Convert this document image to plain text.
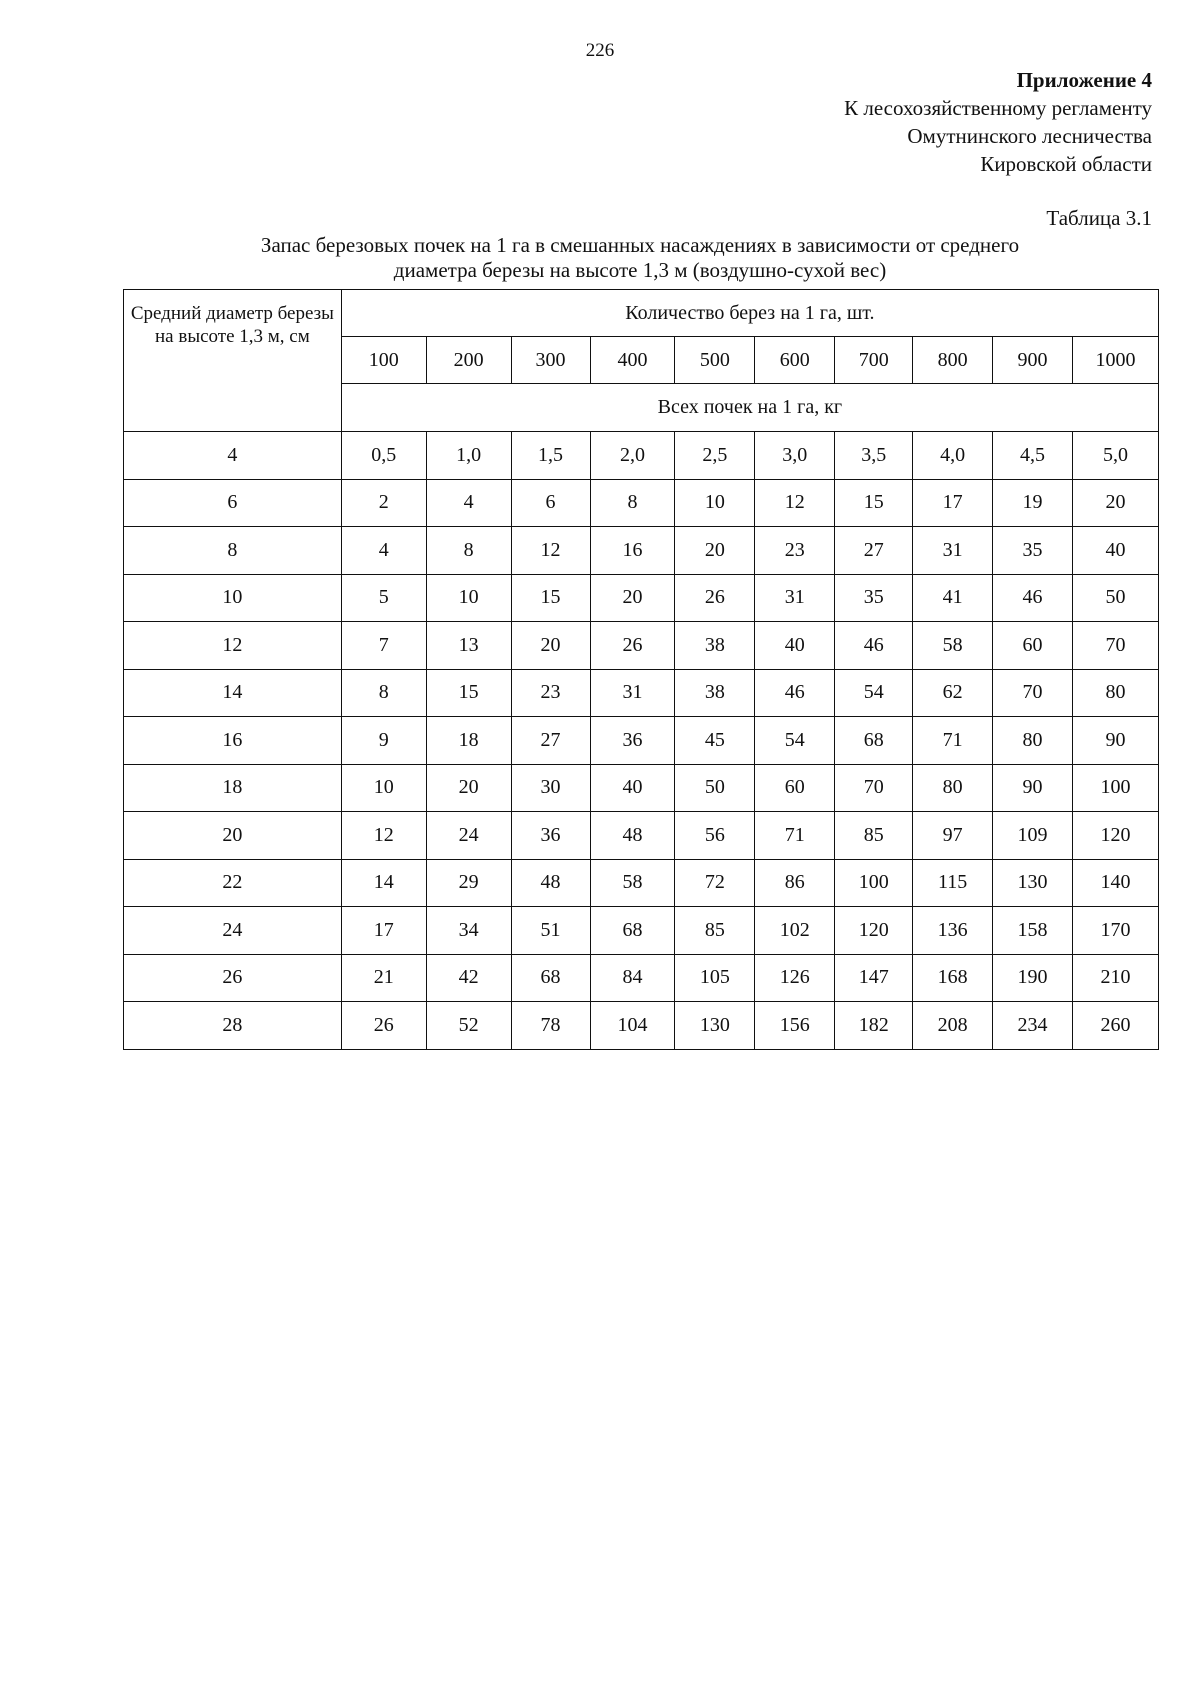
226
Приложение 4
К лесохозяйственному регламенту
Омутнинского лесничества
Кировской области
Таблица 3.1
Запас березовых почек на 1 га в смешанных насаждениях в зависимости от среднего
диаметра березы на высоте 1,3 м (воздушно-сухой вес)
Средний диаметр березы на высоте 1,3 м, см	Количество берез на 1 га, шт.									
	100	200	300	400	500	600	700	800	900	1000
	Всех почек на 1 га, кг									
4	0,5	1,0	1,5	2,0	2,5	3,0	3,5	4,0	4,5	5,0
6	2	4	6	8	10	12	15	17	19	20
8	4	8	12	16	20	23	27	31	35	40
10	5	10	15	20	26	31	35	41	46	50
12	7	13	20	26	38	40	46	58	60	70
14	8	15	23	31	38	46	54	62	70	80
16	9	18	27	36	45	54	68	71	80	90
18	10	20	30	40	50	60	70	80	90	100
20	12	24	36	48	56	71	85	97	109	120
22	14	29	48	58	72	86	100	115	130	140
24	17	34	51	68	85	102	120	136	158	170
26	21	42	68	84	105	126	147	168	190	210
28	26	52	78	104	130	156	182	208	234	260
